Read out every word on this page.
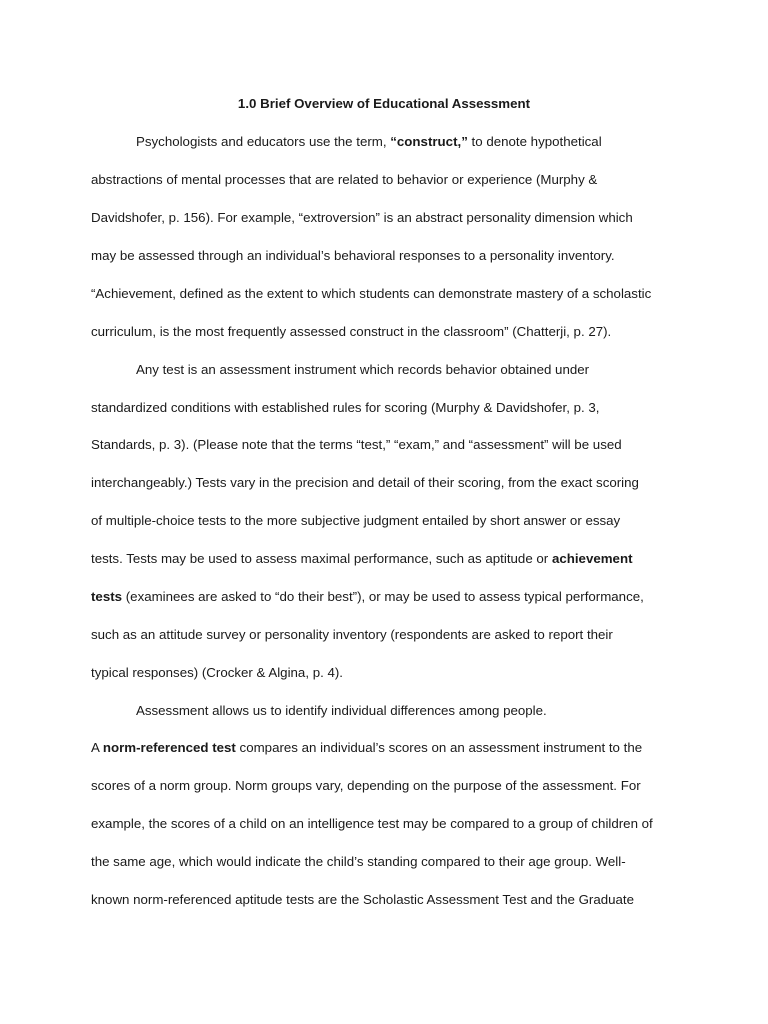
1.0 Brief Overview of Educational Assessment
Psychologists and educators use the term, “construct,” to denote hypothetical
abstractions of mental processes that are related to behavior or experience (Murphy &
Davidshofer, p. 156). For example, “extroversion” is an abstract personality dimension which
may be assessed through an individual’s behavioral responses to a personality inventory.
“Achievement, defined as the extent to which students can demonstrate mastery of a scholastic
curriculum, is the most frequently assessed construct in the classroom” (Chatterji, p. 27).
Any test is an assessment instrument which records behavior obtained under
standardized conditions with established rules for scoring (Murphy & Davidshofer, p. 3,
Standards, p. 3). (Please note that the terms “test,” “exam,” and “assessment” will be used
interchangeably.) Tests vary in the precision and detail of their scoring, from the exact scoring
of multiple-choice tests to the more subjective judgment entailed by short answer or essay
tests. Tests may be used to assess maximal performance, such as aptitude or achievement
tests (examinees are asked to “do their best”), or may be used to assess typical performance,
such as an attitude survey or personality inventory (respondents are asked to report their
typical responses) (Crocker & Algina, p. 4).
Assessment allows us to identify individual differences among people.
A norm-referenced test compares an individual’s scores on an assessment instrument to the
scores of a norm group. Norm groups vary, depending on the purpose of the assessment. For
example, the scores of a child on an intelligence test may be compared to a group of children of
the same age, which would indicate the child’s standing compared to their age group. Well-
known norm-referenced aptitude tests are the Scholastic Assessment Test and the Graduate
